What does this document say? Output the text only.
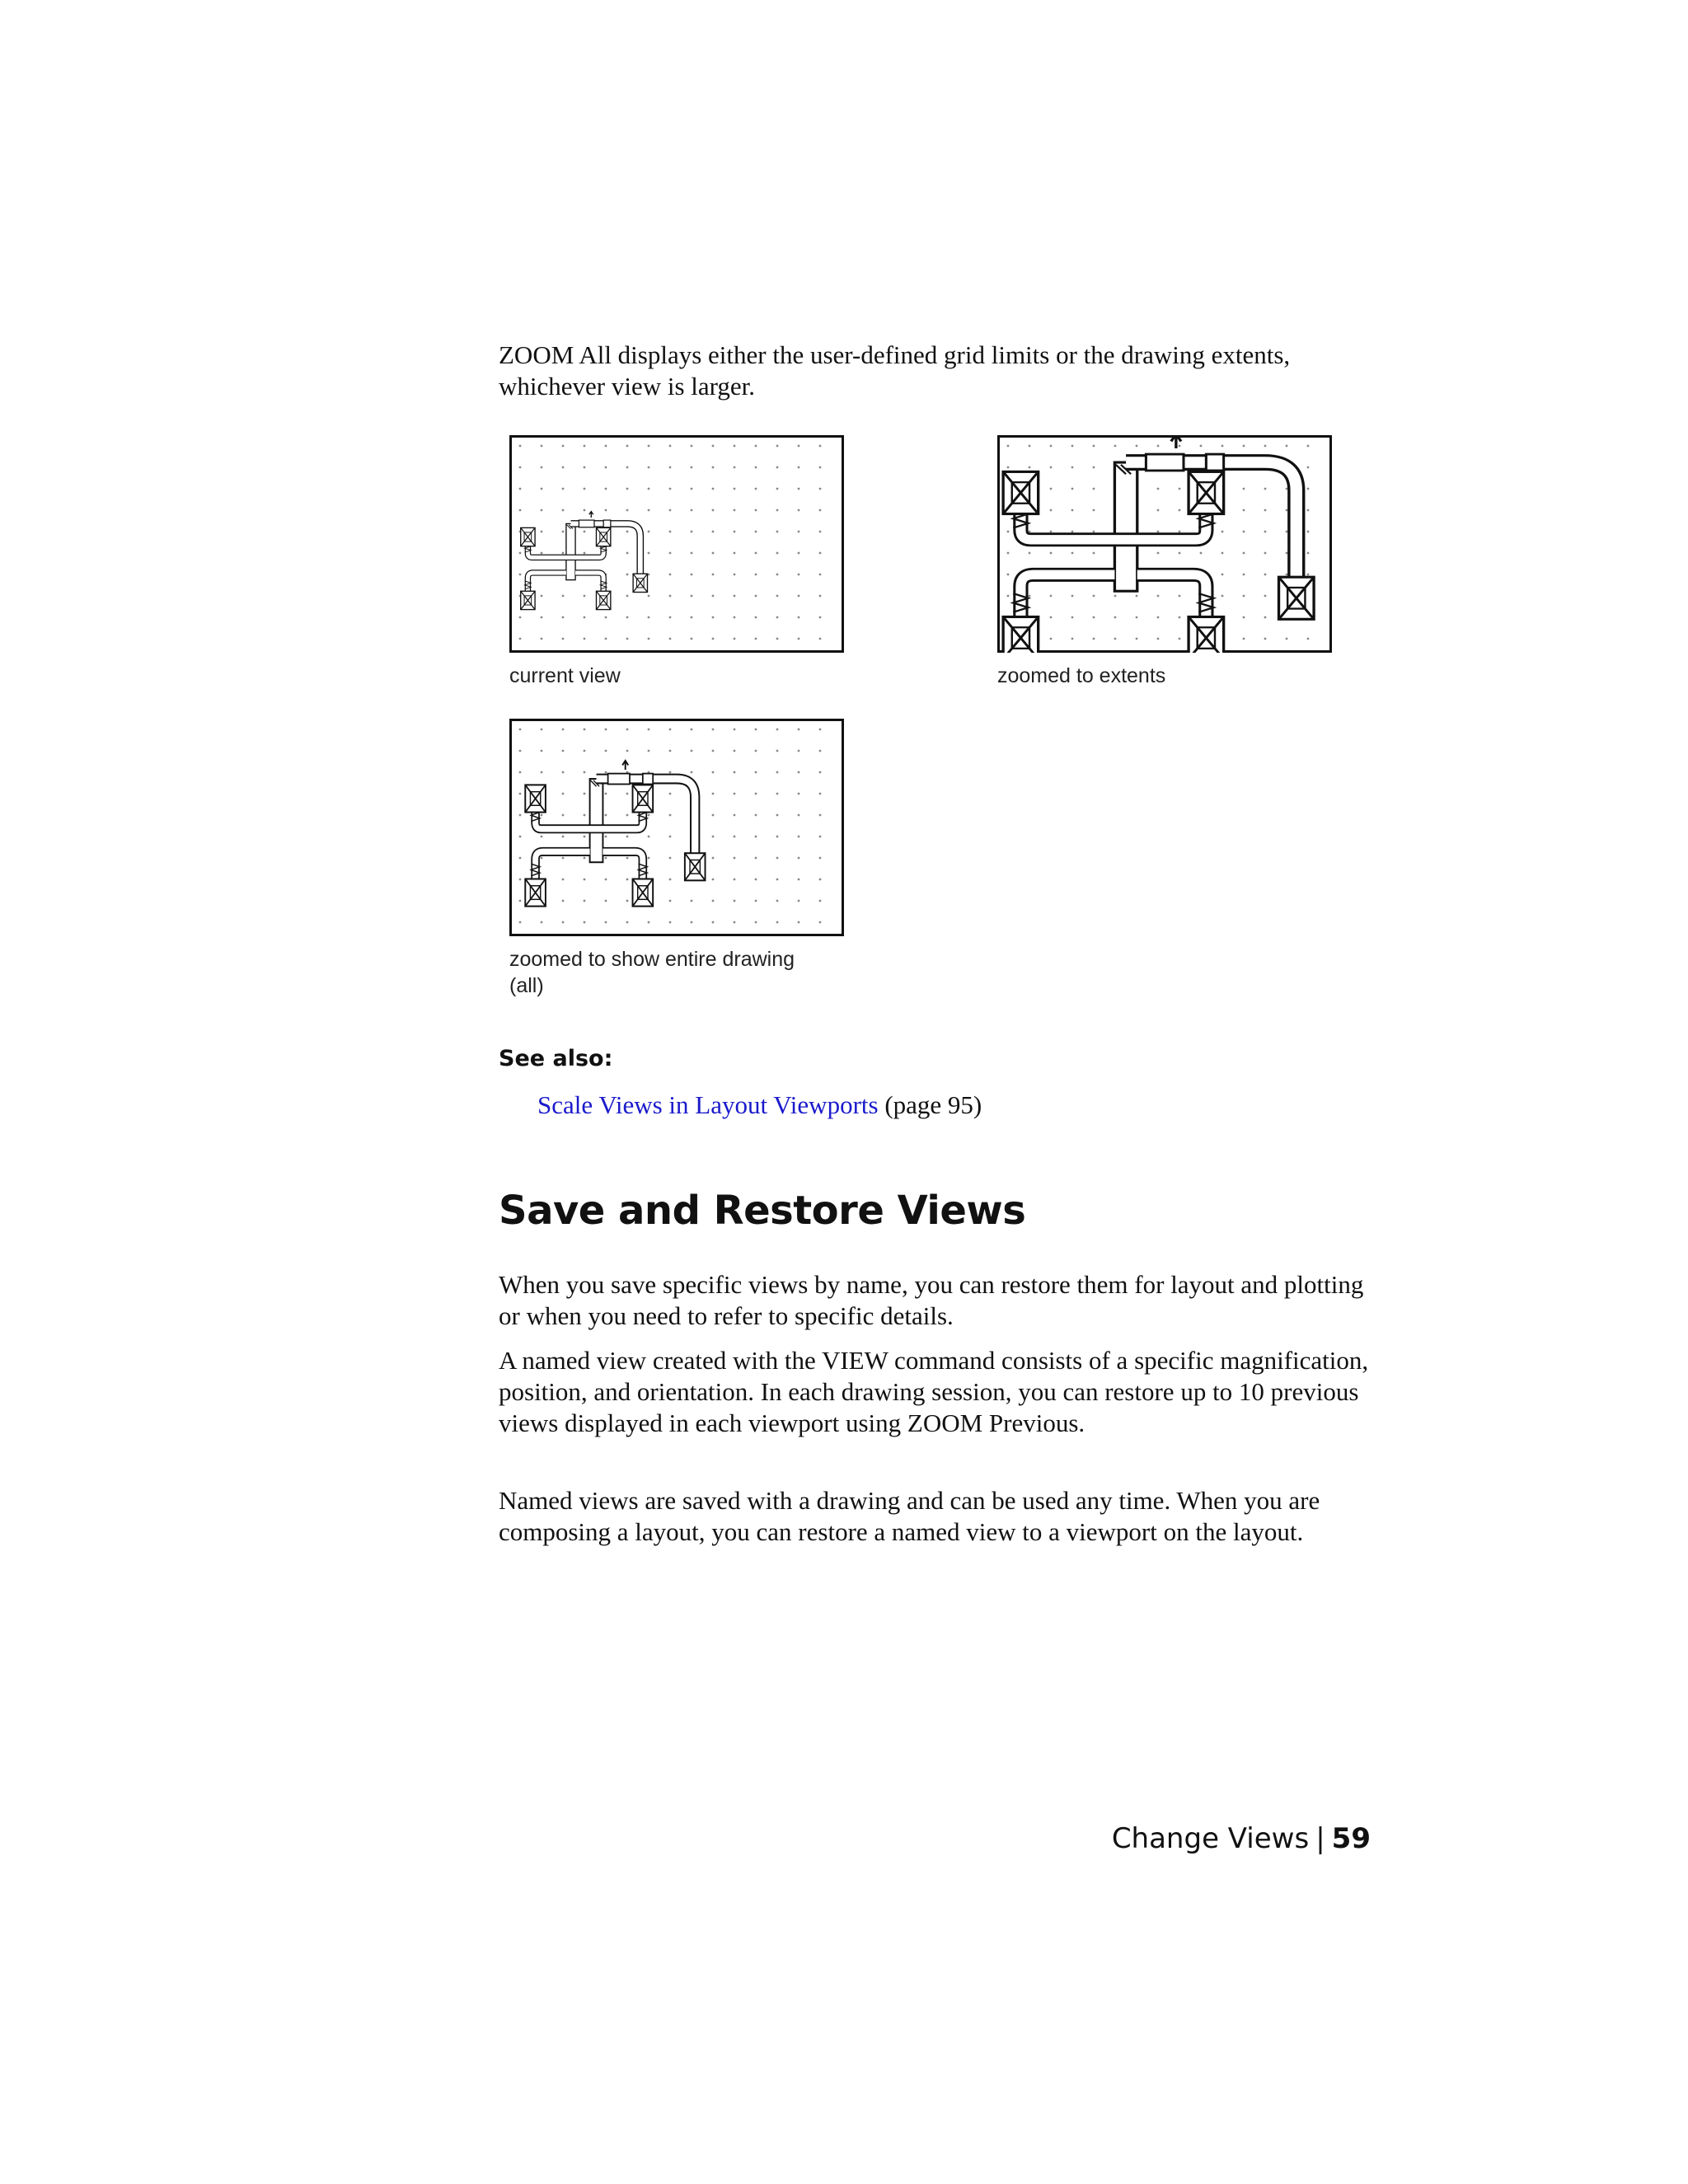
ZOOM All displays either the user-defined grid limits or the drawing extents, whichever view is larger.

current view	zoomed to extents
zoomed to show entire drawing
(all)

See also:

Scale Views in Layout Viewports (page 95)

Save and Restore Views

When you save specific views by name, you can restore them for layout and plotting or when you need to refer to specific details.

A named view created with the VIEW command consists of a specific magnification, position, and orientation. In each drawing session, you can restore up to 10 previous views displayed in each viewport using ZOOM Previous.

Named views are saved with a drawing and can be used any time. When you are composing a layout, you can restore a named view to a viewport on the layout.

Change Views | 59
